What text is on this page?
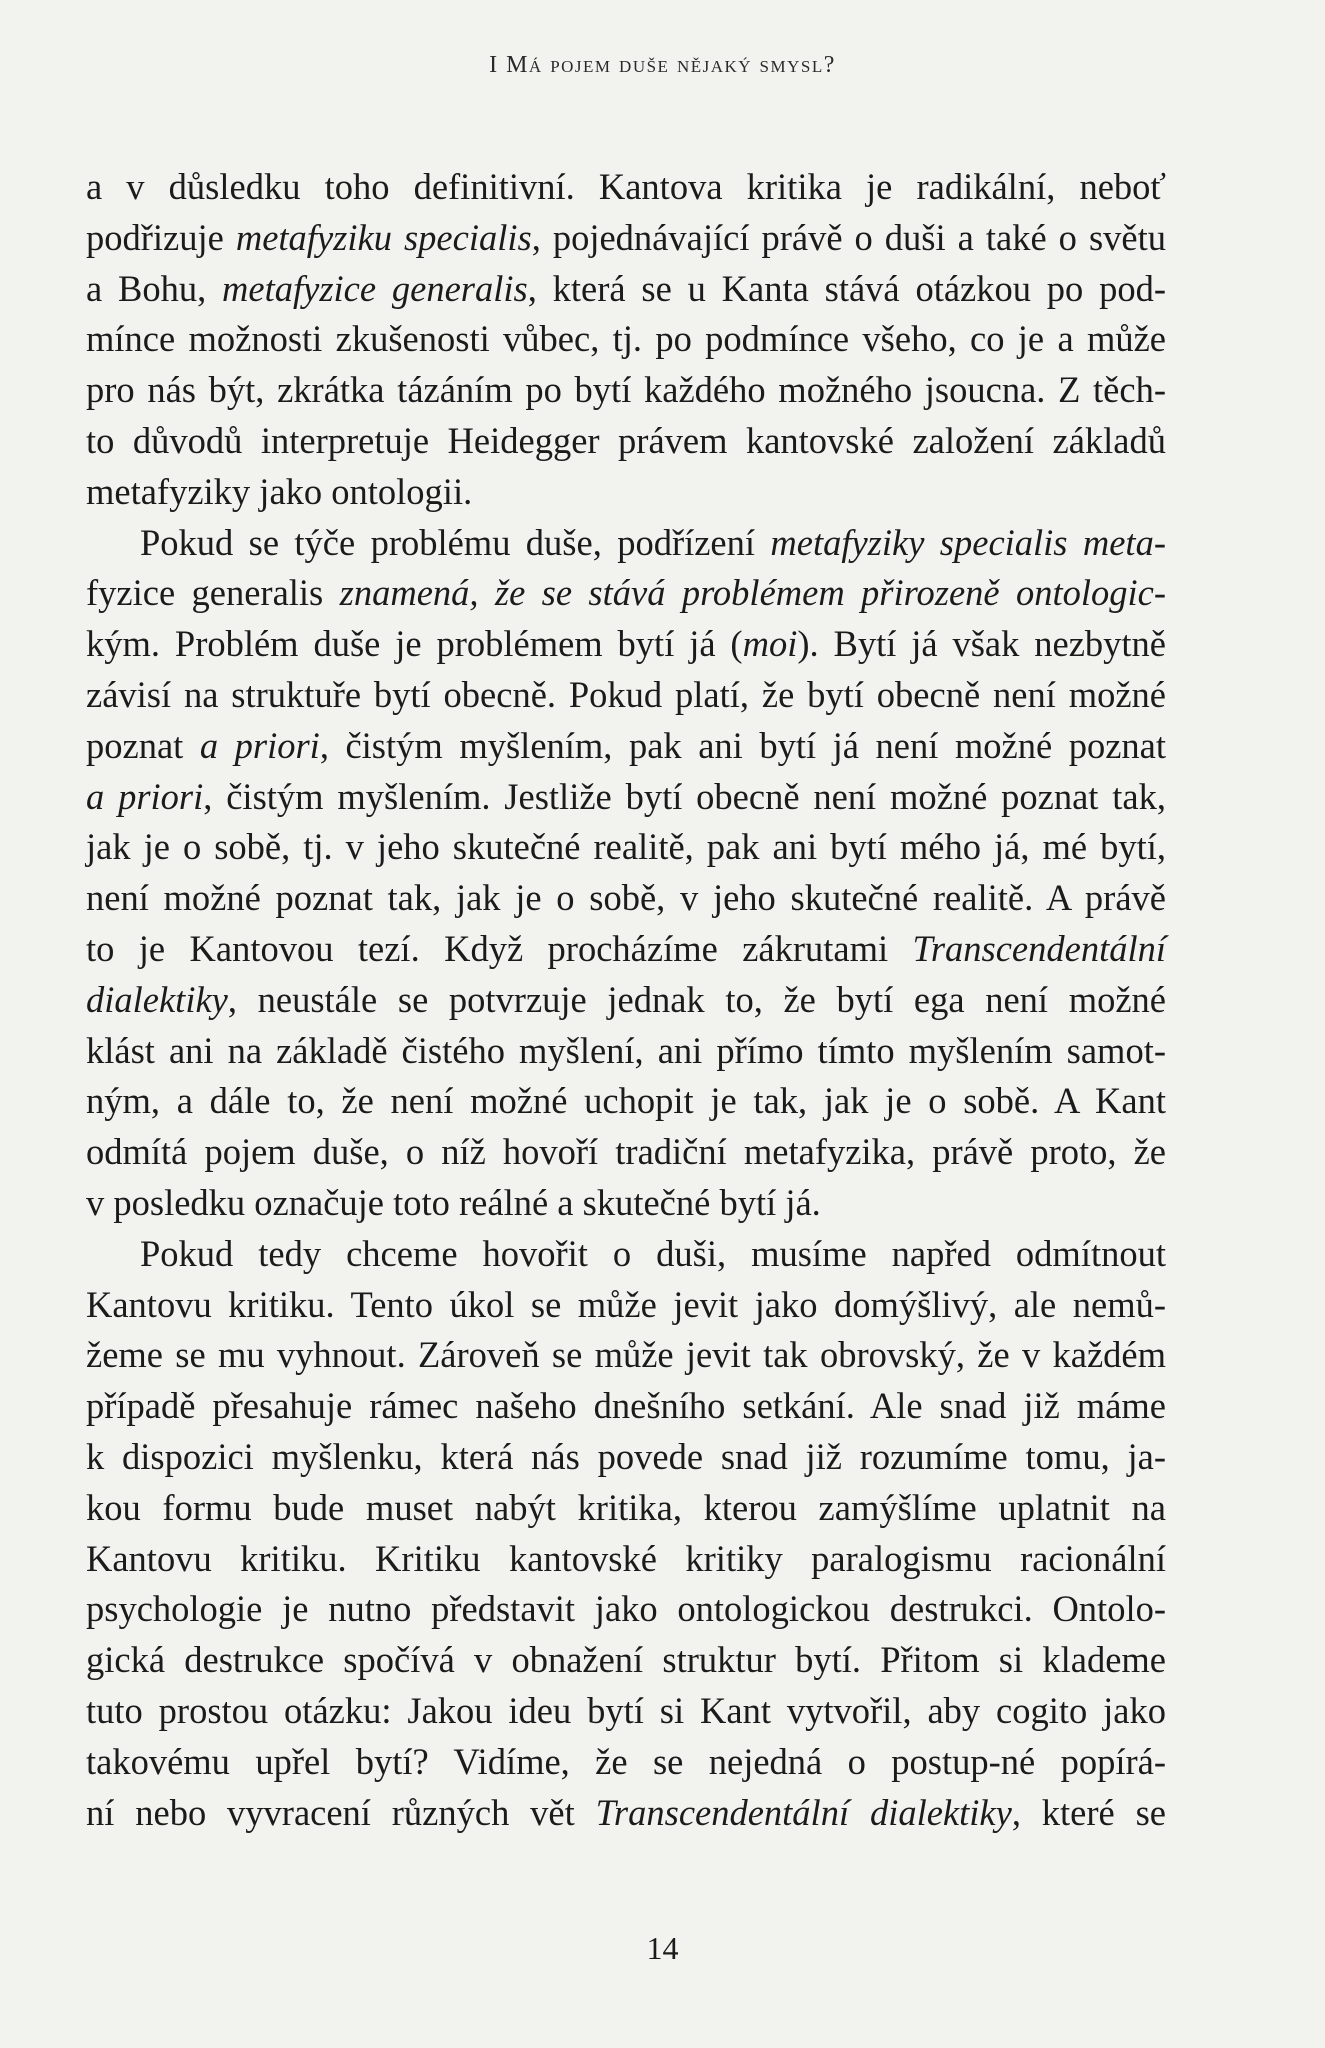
I Má pojem duše nějaký smysl?
a v důsledku toho definitivní. Kantova kritika je radikální, neboť
podřizuje metafyziku specialis, pojednávající právě o duši a také o světu
a Bohu, metafyzice generalis, která se u Kanta stává otázkou po pod-
mínce možnosti zkušenosti vůbec, tj. po podmínce všeho, co je a může
pro nás být, zkrátka tázáním po bytí každého možného jsoucna. Z těch-
to důvodů interpretuje Heidegger právem kantovské založení základů
metafyziky jako ontologii.
Pokud se týče problému duše, podřízení metafyziky specialis meta-
fyzice generalis znamená, že se stává problémem přirozeně ontologic-
kým. Problém duše je problémem bytí já (moi). Bytí já však nezbytně
závisí na struktuře bytí obecně. Pokud platí, že bytí obecně není možné
poznat a priori, čistým myšlením, pak ani bytí já není možné poznat
a priori, čistým myšlením. Jestliže bytí obecně není možné poznat tak,
jak je o sobě, tj. v jeho skutečné realitě, pak ani bytí mého já, mé bytí,
není možné poznat tak, jak je o sobě, v jeho skutečné realitě. A právě
to je Kantovou tezí. Když procházíme zákrutami Transcendentální
dialektiky, neustále se potvrzuje jednak to, že bytí ega není možné
klást ani na základě čistého myšlení, ani přímo tímto myšlením samot-
ným, a dále to, že není možné uchopit je tak, jak je o sobě. A Kant
odmítá pojem duše, o níž hovoří tradiční metafyzika, právě proto, že
v posledku označuje toto reálné a skutečné bytí já.
Pokud tedy chceme hovořit o duši, musíme napřed odmítnout
Kantovu kritiku. Tento úkol se může jevit jako domýšlivý, ale nemů-
žeme se mu vyhnout. Zároveň se může jevit tak obrovský, že v každém
případě přesahuje rámec našeho dnešního setkání. Ale snad již máme
k dispozici myšlenku, která nás povede snad již rozumíme tomu, ja-
kou formu bude muset nabýt kritika, kterou zamýšlíme uplatnit na
Kantovu kritiku. Kritiku kantovské kritiky paralogismu racionální
psychologie je nutno představit jako ontologickou destrukci. Ontolo-
gická destrukce spočívá v obnažení struktur bytí. Přitom si klademe
tuto prostou otázku: Jakou ideu bytí si Kant vytvořil, aby cogito jako
takovému upřel bytí? Vidíme, že se nejedná o postup-né popírá-
ní nebo vyvracení různých vět Transcendentální dialektiky, které se
14
